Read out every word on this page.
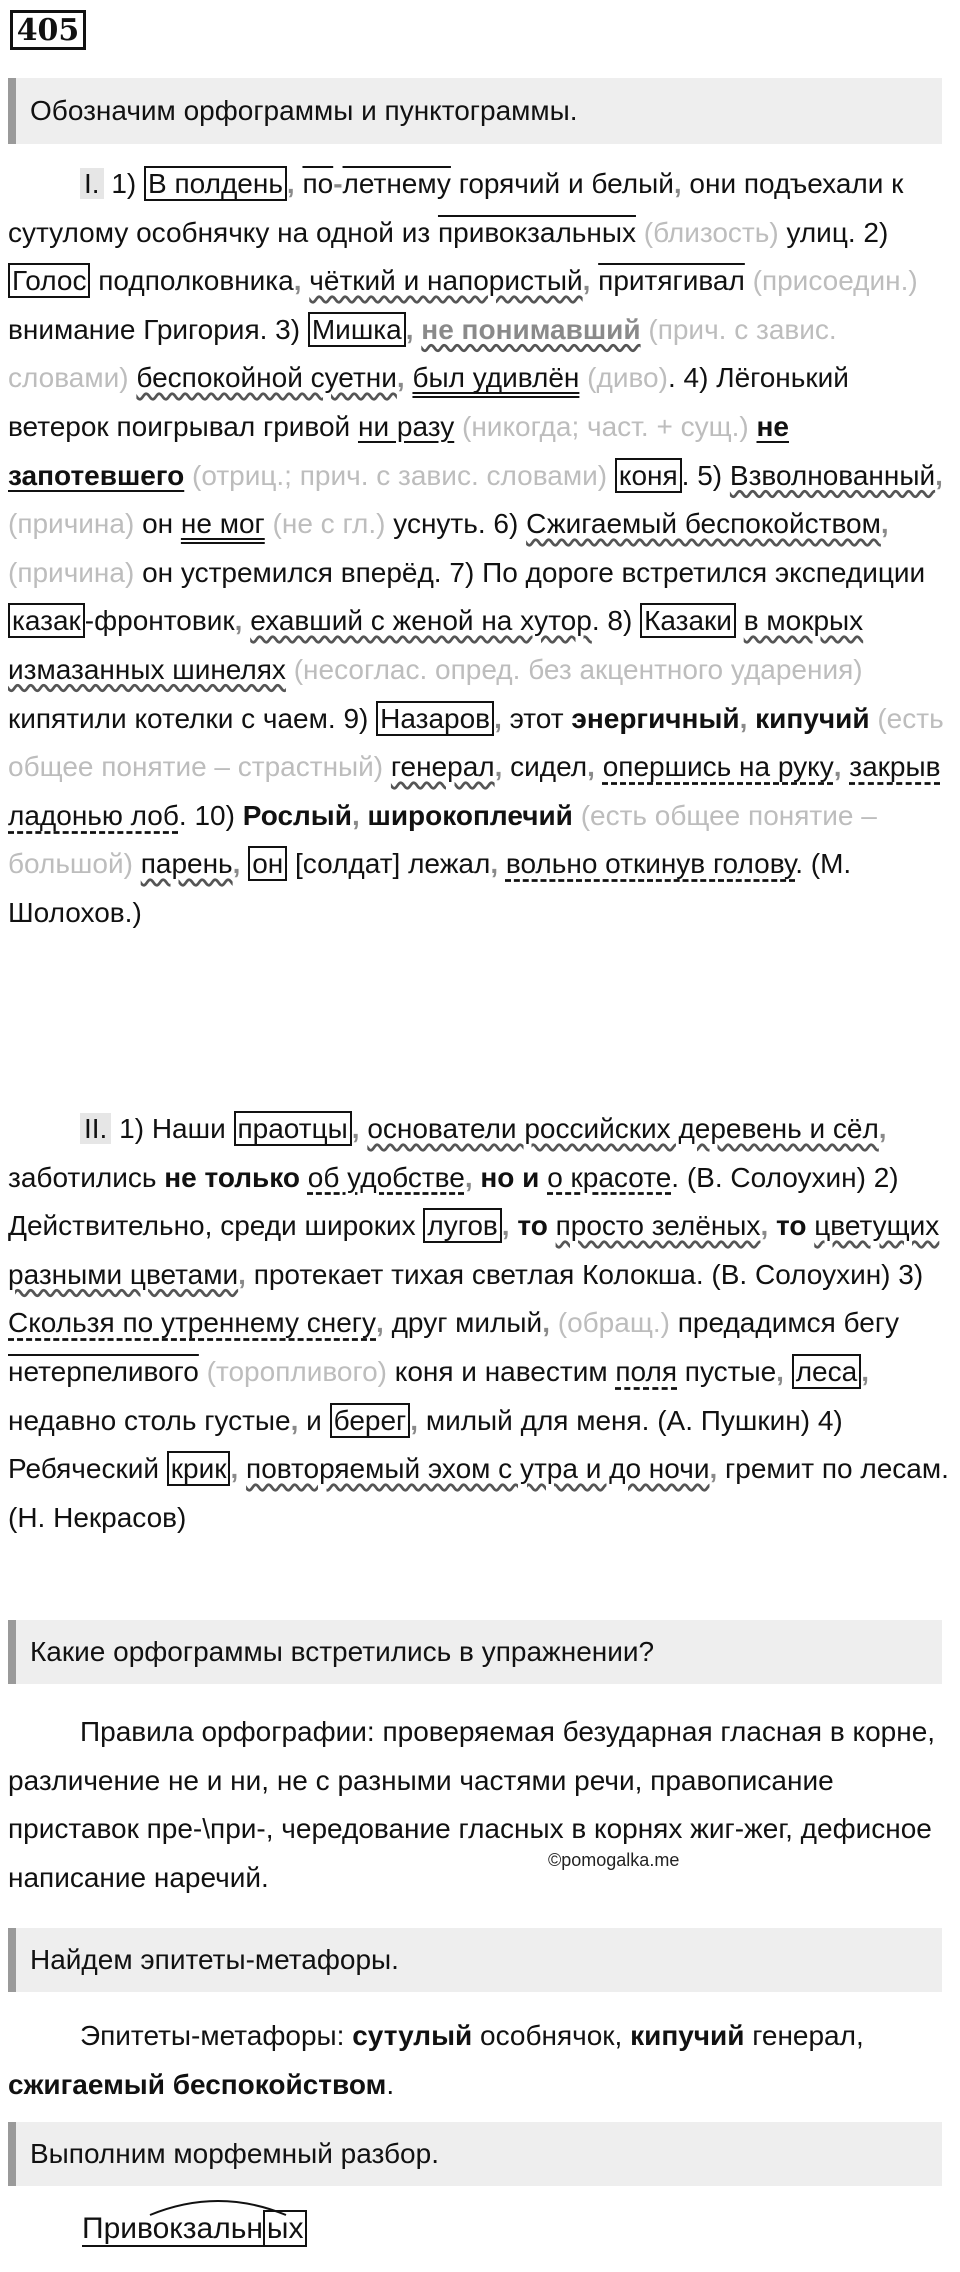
405
Обозначим орфограммы и пунктограммы.

I. 1) В полдень , по-летнему горячий и белый, они подъехали к сутулому особнячку на одной из привокзальных (близость) улиц. 2) Голос подполковника, чёткий и напористый, притягивал (присоедин.) внимание Григория. 3) Мишка , не понимавший (прич. с завис. словами) беспокойной суетни, был удивлён (диво). 4) Лёгонький ветерок поигрывал гривой ни разу (никогда; част. + сущ.) не запотевшего (отриц.; прич. с завис. словами) коня . 5) Взволнованный, (причина) он не мог (не с гл.) уснуть. 6) Сжигаемый беспокойством, (причина) он устремился вперёд. 7) По дороге встретился экспедиции казак -фронтовик, ехавший с женой на хутор. 8) Казаки в мокрых измазанных шинелях (несоглас. опред. без акцентного ударения) кипятили котелки с чаем. 9) Назаров , этот энергичный, кипучий (есть общее понятие – страстный) генерал, сидел, опершись на руку, закрыв ладонью лоб. 10) Рослый, широкоплечий (есть общее понятие – большой) парень, он [солдат] лежал, вольно откинув голову. (М. Шолохов.)

II. 1) Наши праотцы , основатели российских деревень и сёл, заботились не только об удобстве, но и о красоте. (В. Солоухин) 2) Действительно, среди широких лугов , то просто зелёных, то цветущих разными цветами, протекает тихая светлая Колокша. (В. Солоухин) 3) Скользя по утреннему снегу, друг милый, (обращ.) предадимся бегу нетерпеливого (торопливого) коня и навестим поля пустые, леса , недавно столь густые, и берег , милый для меня. (А. Пушкин) 4) Ребяческий крик , повторяемый эхом с утра и до ночи, гремит по лесам. (Н. Некрасов)

Какие орфограммы встретились в упражнении?

Правила орфографии: проверяемая безударная гласная в корне, различение не и ни, не с разными частями речи, правописание приставок пре-\при-, чередование гласных в корнях жиг-жег, дефисное написание наречий.

©pomogalka.me
Найдем эпитеты-метафоры.

Эпитеты-метафоры: сутулый особнячок, кипучий генерал, сжигаемый беспокойством.

Выполним морфемный разбор.
Привокзальн ых
